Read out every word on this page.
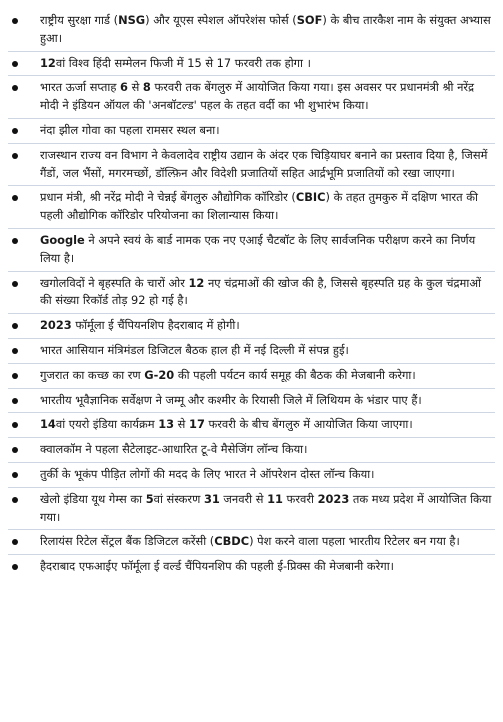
राष्ट्रीय सुरक्षा गार्ड (NSG) और यूएस स्पेशल ऑपरेशंस फोर्स (SOF) के बीच तारकैश नाम के संयुक्त अभ्यास हुआ।
12वां विश्व हिंदी सम्मेलन फिजी में 15 से 17 फरवरी तक होगा ।
भारत ऊर्जा सप्ताह 6 से 8 फरवरी तक बेंगलुरु में आयोजित किया गया। इस अवसर पर प्रधानमंत्री श्री नरेंद्र मोदी ने इंडियन ऑयल की 'अनबॉटल्ड' पहल के तहत वर्दी का भी शुभारंभ किया।
नंदा झील गोवा का पहला रामसर स्थल बना।
राजस्थान राज्य वन विभाग ने केवलादेव राष्ट्रीय उद्यान के अंदर एक चिड़ियाघर बनाने का प्रस्ताव दिया है, जिसमें गैंडों, जल भैंसों, मगरमच्छों, डॉल्फ़िन और विदेशी प्रजातियों सहित आर्द्रभूमि प्रजातियों को रखा जाएगा।
प्रधान मंत्री, श्री नरेंद्र मोदी ने चेन्नई बेंगलुरु औद्योगिक कॉरिडोर (CBIC) के तहत तुमकुरु में दक्षिण भारत की पहली औद्योगिक कॉरिडोर परियोजना का शिलान्यास किया।
Google ने अपने स्वयं के बार्ड नामक एक नए एआई चैटबॉट के लिए सार्वजनिक परीक्षण करने का निर्णय लिया है।
खगोलविदों ने बृहस्पति के चारों ओर 12 नए चंद्रमाओं की खोज की है, जिससे बृहस्पति ग्रह के कुल चंद्रमाओं की संख्या रिकॉर्ड तोड़ 92 हो गई है।
2023 फॉर्मूला ई चैंपियनशिप हैदराबाद में होगी।
भारत आसियान मंत्रिमंडल डिजिटल बैठक हाल ही में नई दिल्ली में संपन्न हुई।
गुजरात का कच्छ का रण G-20 की पहली पर्यटन कार्य समूह की बैठक की मेजबानी करेगा।
भारतीय भूवैज्ञानिक सर्वेक्षण ने जम्मू और कश्मीर के रियासी जिले में लिथियम के भंडार पाए हैं।
14वां एयरो इंडिया कार्यक्रम 13 से 17 फरवरी के बीच बेंगलुरु में आयोजित किया जाएगा।
क्वालकॉम ने पहला सैटेलाइट-आधारित टू-वे मैसेजिंग लॉन्च किया।
तुर्की के भूकंप पीड़ित लोगों की मदद के लिए भारत ने ऑपरेशन दोस्त लॉन्च किया।
खेलो इंडिया यूथ गेम्स का 5वां संस्करण 31 जनवरी से 11 फरवरी 2023 तक मध्य प्रदेश में आयोजित किया गया।
रिलायंस रिटेल सेंट्रल बैंक डिजिटल करेंसी (CBDC) पेश करने वाला पहला भारतीय रिटेलर बन गया है।
हैदराबाद एफआईए फॉर्मूला ई वर्ल्ड चैंपियनशिप की पहली ई-प्रिक्स की मेजबानी करेगा।
